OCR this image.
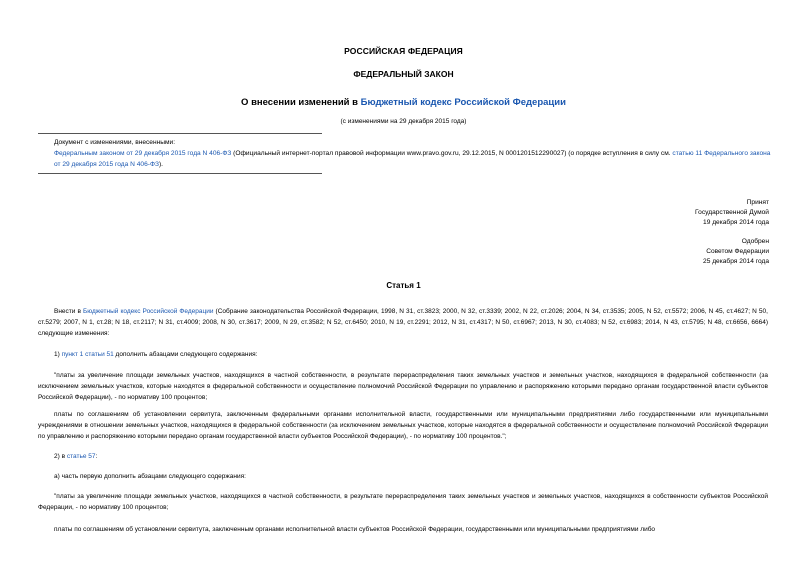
РОССИЙСКАЯ ФЕДЕРАЦИЯ
ФЕДЕРАЛЬНЫЙ ЗАКОН
О внесении изменений в Бюджетный кодекс Российской Федерации
(с изменениями на 29 декабря 2015 года)
Документ с изменениями, внесенными:
Федеральным законом от 29 декабря 2015 года N 406-ФЗ (Официальный интернет-портал правовой информации www.pravo.gov.ru, 29.12.2015, N 0001201512290027) (о порядке вступления в силу см. статью 11 Федерального закона от 29 декабря 2015 года N 406-ФЗ).
Принят
Государственной Думой
19 декабря 2014 года
Одобрен
Советом Федерации
25 декабря 2014 года
Статья 1

Внести в Бюджетный кодекс Российской Федерации (Собрание законодательства Российской Федерации, 1998, N 31, ст.3823; 2000, N 32, ст.3339; 2002, N 22, ст.2026; 2004, N 34, ст.3535; 2005, N 52, ст.5572; 2006, N 45, ст.4627; N 50, ст.5279; 2007, N 1, ст.28; N 18, ст.2117; N 31, ст.4009; 2008, N 30, ст.3617; 2009, N 29, ст.3582; N 52, ст.6450; 2010, N 19, ст.2291; 2012, N 31, ст.4317; N 50, ст.6967; 2013, N 30, ст.4083; N 52, ст.6983; 2014, N 43, ст.5795; N 48, ст.6656, 6664) следующие изменения:

1) пункт 1 статьи 51 дополнить абзацами следующего содержания:

"платы за увеличение площади земельных участков, находящихся в частной собственности, в результате перераспределения таких земельных участков и земельных участков, находящихся в федеральной собственности (за исключением земельных участков, которые находятся в федеральной собственности и осуществление полномочий Российской Федерации по управлению и распоряжению которыми передано органам государственной власти субъектов Российской Федерации), - по нормативу 100 процентов;

платы по соглашениям об установлении сервитута, заключенным федеральными органами исполнительной власти, государственными или муниципальными предприятиями либо государственными или муниципальными учреждениями в отношении земельных участков, находящихся в федеральной собственности (за исключением земельных участков, которые находятся в федеральной собственности и осуществление полномочий Российской Федерации по управлению и распоряжению которыми передано органам государственной власти субъектов Российской Федерации), - по нормативу 100 процентов.";

2) в статье 57:

а) часть первую дополнить абзацами следующего содержания:

"платы за увеличение площади земельных участков, находящихся в частной собственности, в результате перераспределения таких земельных участков и земельных участков, находящихся в собственности субъектов Российской Федерации, - по нормативу 100 процентов;

платы по соглашениям об установлении сервитута, заключенным органами исполнительной власти субъектов Российской Федерации, государственными или муниципальными предприятиями либо
